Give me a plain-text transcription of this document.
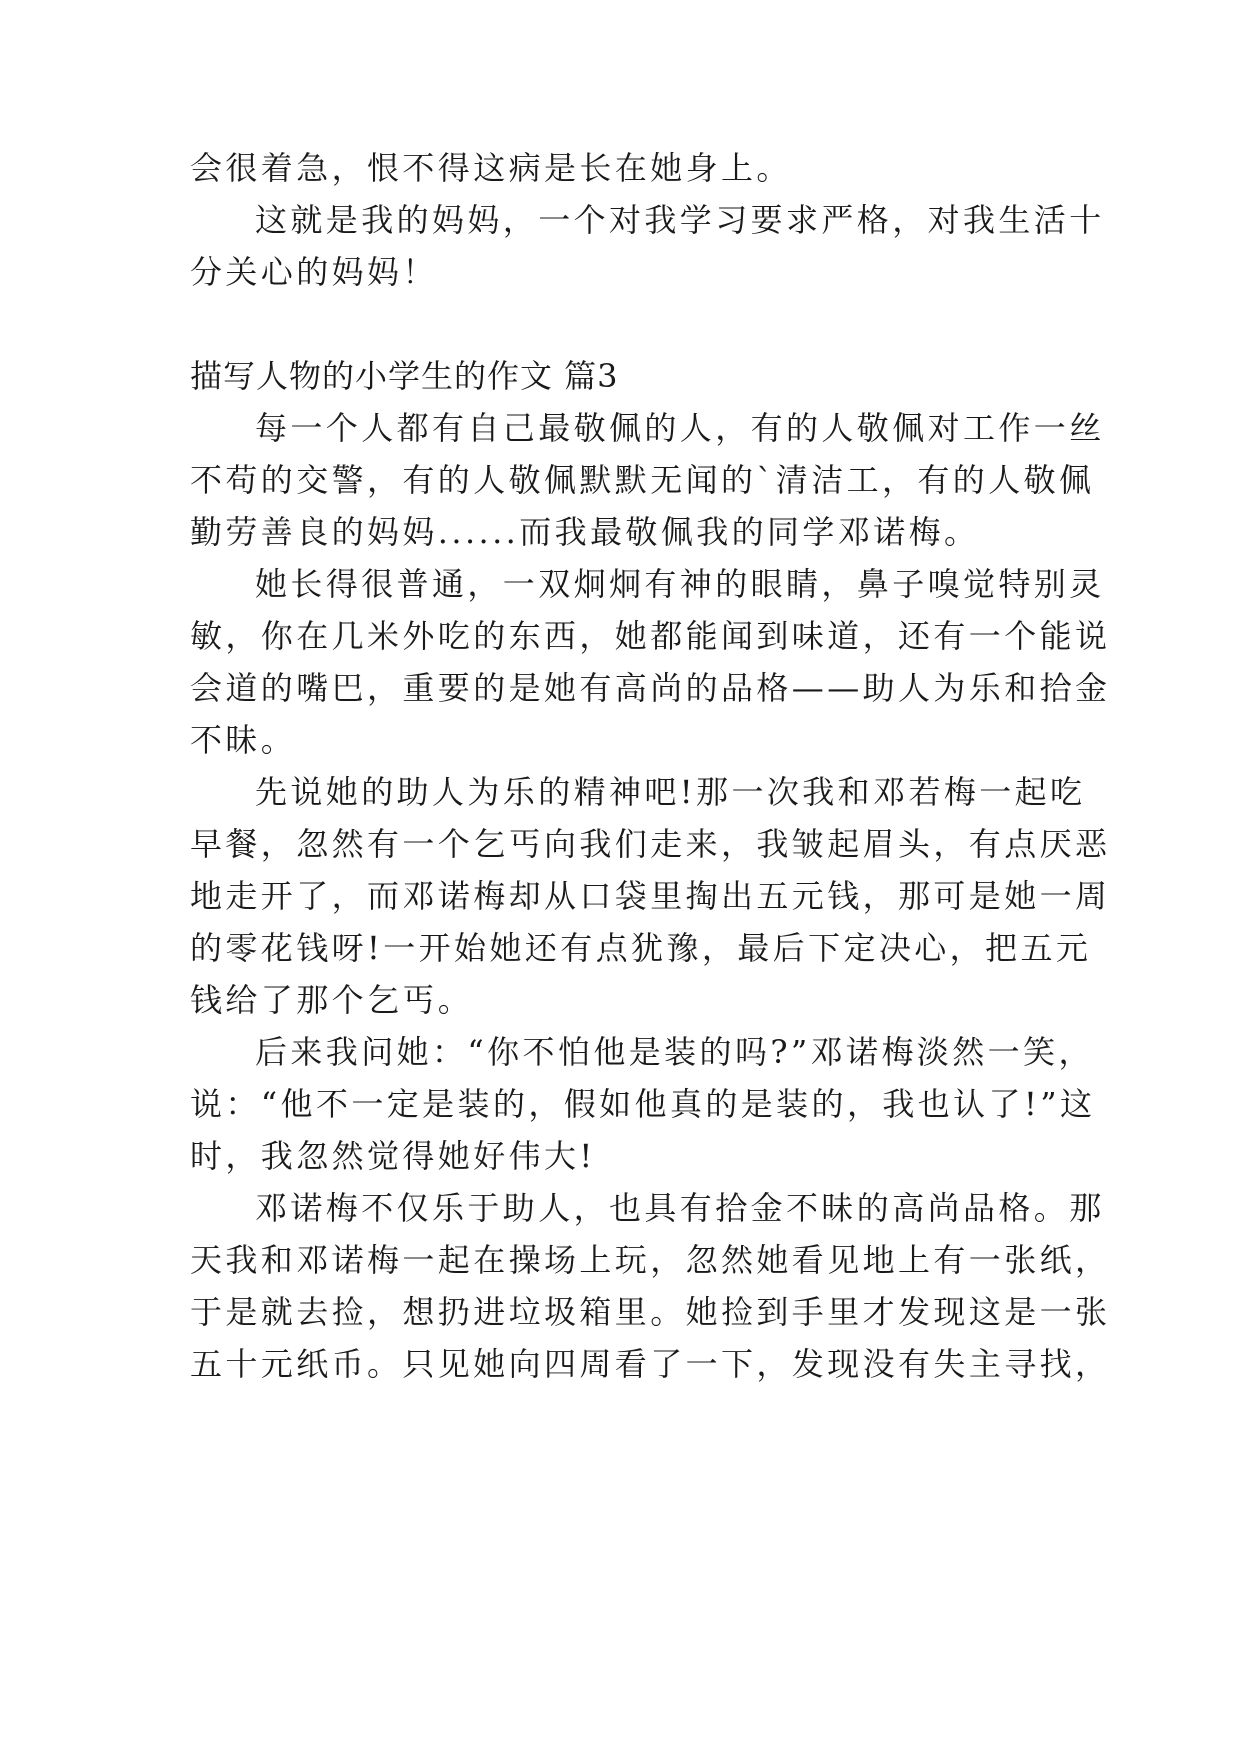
会很着急，恨不得这病是长在她身上。
这就是我的妈妈，一个对我学习要求严格，对我生活十
分关心的妈妈！
描写人物的小学生的作文 篇3
每一个人都有自己最敬佩的人，有的人敬佩对工作一丝
不苟的交警，有的人敬佩默默无闻的`清洁工，有的人敬佩
勤劳善良的妈妈......而我最敬佩我的同学邓诺梅。
她长得很普通，一双炯炯有神的眼睛，鼻子嗅觉特别灵
敏，你在几米外吃的东西，她都能闻到味道，还有一个能说
会道的嘴巴，重要的是她有高尚的品格——助人为乐和拾金
不昧。
先说她的助人为乐的精神吧!那一次我和邓若梅一起吃
早餐，忽然有一个乞丐向我们走来，我皱起眉头，有点厌恶
地走开了，而邓诺梅却从口袋里掏出五元钱，那可是她一周
的零花钱呀!一开始她还有点犹豫，最后下定决心，把五元
钱给了那个乞丐。
后来我问她：“你不怕他是装的吗?”邓诺梅淡然一笑，
说：“他不一定是装的，假如他真的是装的，我也认了!”这
时，我忽然觉得她好伟大!
邓诺梅不仅乐于助人，也具有拾金不昧的高尚品格。那
天我和邓诺梅一起在操场上玩，忽然她看见地上有一张纸，
于是就去捡，想扔进垃圾箱里。她捡到手里才发现这是一张
五十元纸币。只见她向四周看了一下，发现没有失主寻找，
